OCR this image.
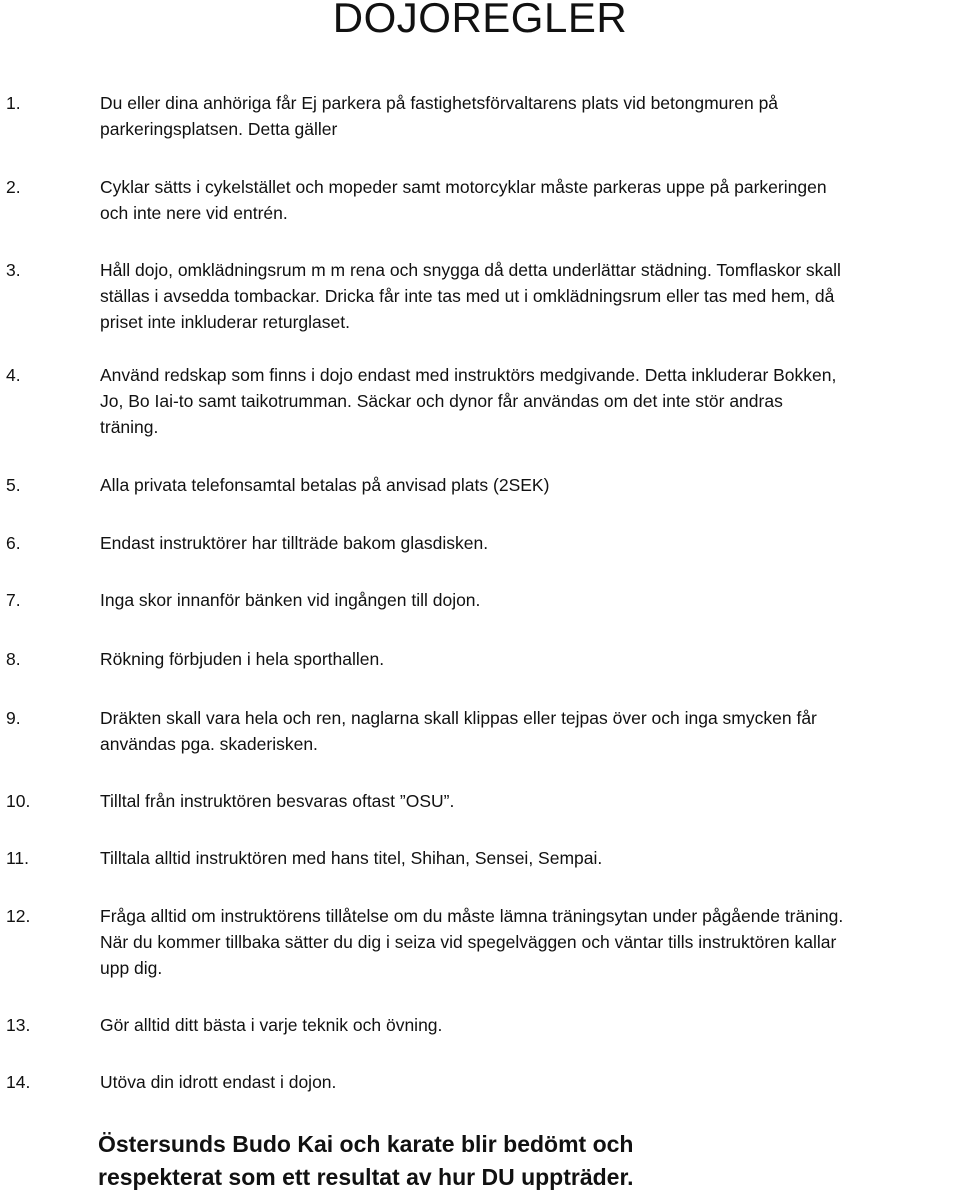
DOJOREGLER
1.	Du eller dina anhöriga får Ej parkera på fastighetsförvaltarens plats vid betongmuren på
parkeringsplatsen. Detta gäller
2.	Cyklar sätts i cykelstället och mopeder samt motorcyklar måste parkeras uppe på parkeringen
och inte nere vid entrén.
3.	Håll dojo, omklädningsrum m m rena och snygga då detta underlättar städning. Tomflaskor skall
ställas i avsedda tombackar. Dricka får inte tas med ut i omklädningsrum eller tas med hem, då
priset inte inkluderar returglaset.
4.	Använd redskap som finns i dojo endast med instruktörs medgivande. Detta inkluderar Bokken,
Jo, Bo Iai-to samt taikotrumman. Säckar och dynor får användas om det inte stör andras
träning.
5.	Alla privata telefonsamtal betalas på anvisad plats (2SEK)
6.	Endast instruktörer har tillträde bakom glasdisken.
7.	Inga skor innanför bänken vid ingången till dojon.
8.	Rökning förbjuden i hela sporthallen.
9.	Dräkten skall vara hela och ren, naglarna skall klippas eller tejpas över och inga smycken får
användas pga. skaderisken.
10.	Tilltal från instruktören besvaras oftast ”OSU”.
11.	Tilltala alltid instruktören med hans titel, Shihan, Sensei, Sempai.
12.	Fråga alltid om instruktörens tillåtelse om du måste lämna träningsytan under pågående träning.
När du kommer tillbaka sätter du dig i seiza vid spegelväggen och väntar tills instruktören kallar
upp dig.
13.	Gör alltid ditt bästa i varje teknik och övning.
14.	Utöva din idrott endast i dojon.

Östersunds Budo Kai och karate blir bedömt och
respekterat som ett resultat av hur DU uppträder.
